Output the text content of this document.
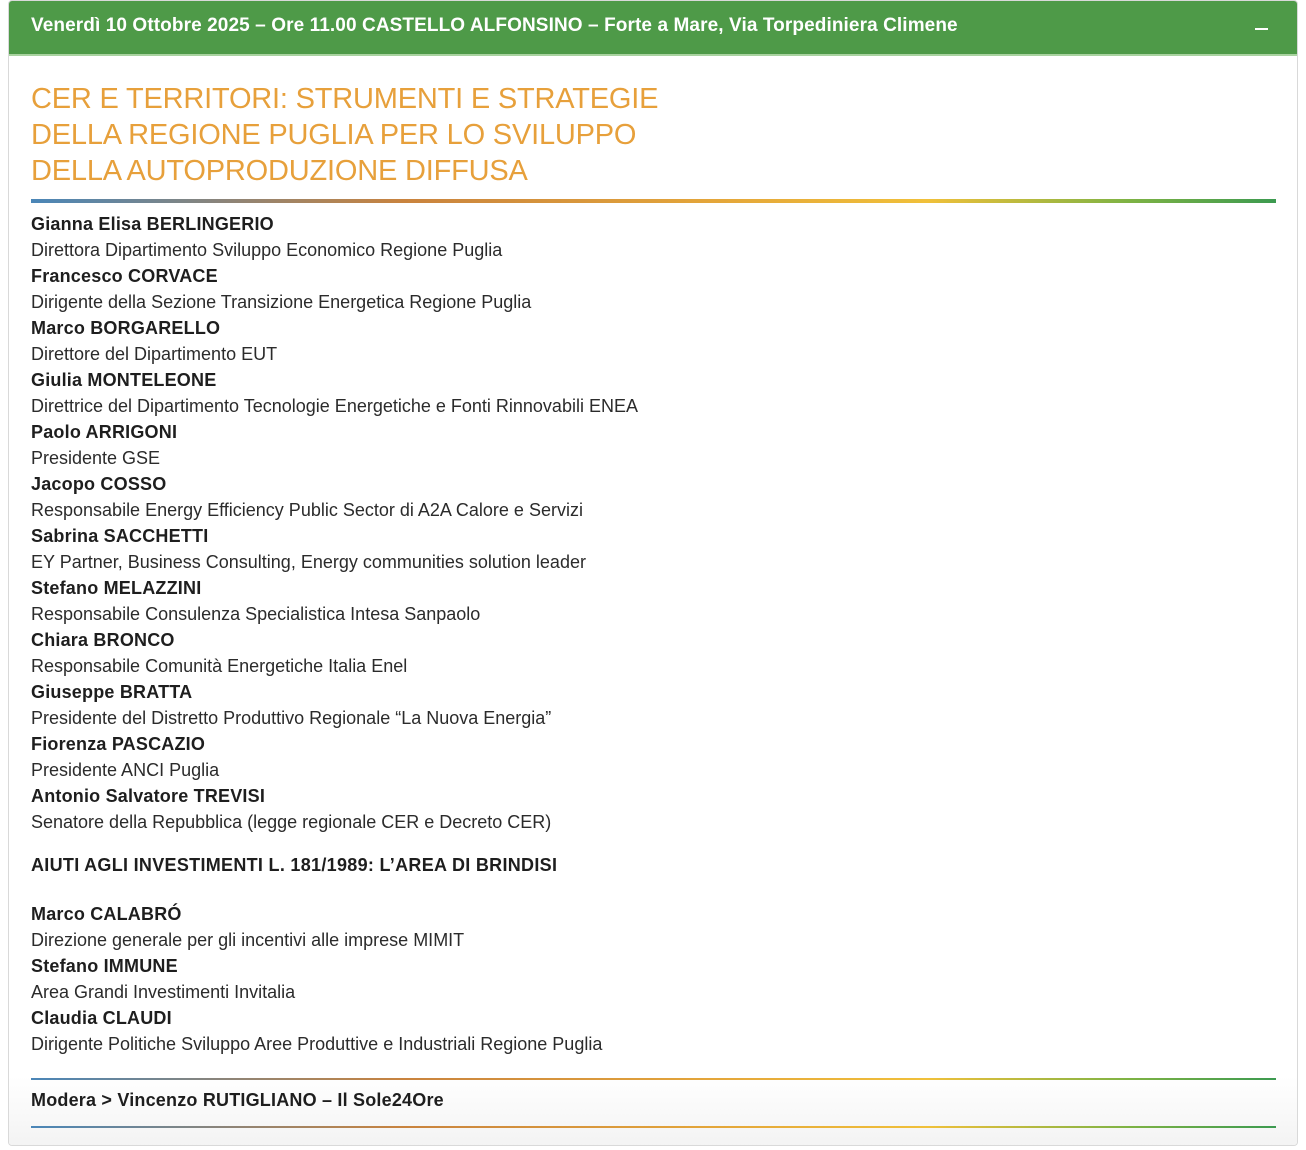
Venerdì 10 Ottobre 2025 – Ore 11.00 CASTELLO ALFONSINO – Forte a Mare, Via Torpediniera Climene
CER E TERRITORI: STRUMENTI E STRATEGIE
DELLA REGIONE PUGLIA PER LO SVILUPPO
DELLA AUTOPRODUZIONE DIFFUSA
Gianna Elisa BERLINGERIO
Direttora Dipartimento Sviluppo Economico Regione Puglia
Francesco CORVACE
Dirigente della Sezione Transizione Energetica Regione Puglia
Marco BORGARELLO
Direttore del Dipartimento EUT
Giulia MONTELEONE
Direttrice del Dipartimento Tecnologie Energetiche e Fonti Rinnovabili ENEA
Paolo ARRIGONI
Presidente GSE
Jacopo COSSO
Responsabile Energy Efficiency Public Sector di A2A Calore e Servizi
Sabrina SACCHETTI
EY Partner, Business Consulting, Energy communities solution leader
Stefano MELAZZINI
Responsabile Consulenza Specialistica Intesa Sanpaolo
Chiara BRONCO
Responsabile Comunità Energetiche Italia Enel
Giuseppe BRATTA
Presidente del Distretto Produttivo Regionale “La Nuova Energia”
Fiorenza PASCAZIO
Presidente ANCI Puglia
Antonio Salvatore TREVISI
Senatore della Repubblica (legge regionale CER e Decreto CER)
AIUTI AGLI INVESTIMENTI L. 181/1989: L’AREA DI BRINDISI
Marco CALABRÓ
Direzione generale per gli incentivi alle imprese MIMIT
Stefano IMMUNE
Area Grandi Investimenti Invitalia
Claudia CLAUDI
Dirigente Politiche Sviluppo Aree Produttive e Industriali Regione Puglia
Modera > Vincenzo RUTIGLIANO – Il Sole24Ore
